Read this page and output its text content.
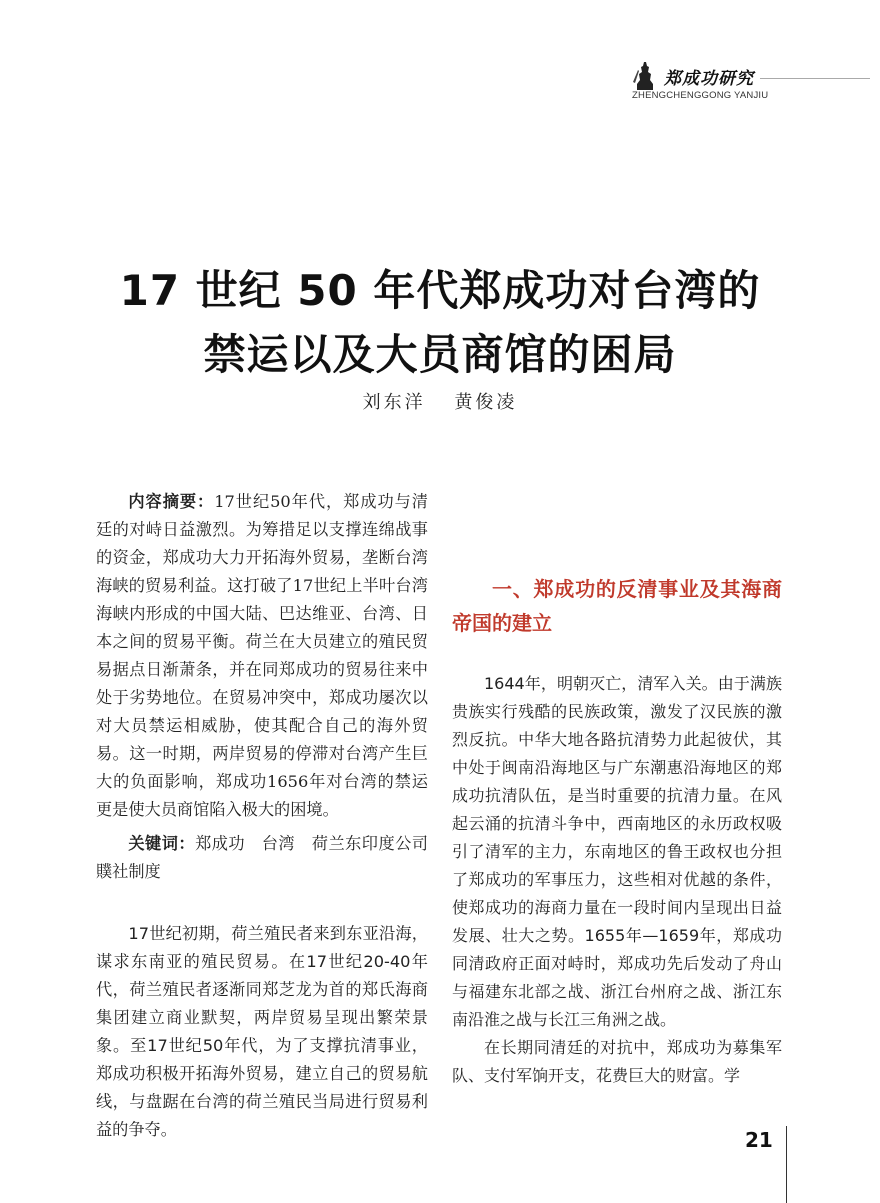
郑成功研究
ZHENGCHENGGONG YANJIU
17 世纪 50 年代郑成功对台湾的
禁运以及大员商馆的困局
刘东洋 黄俊凌

内容摘要：17世纪50年代，郑成功与清廷的对峙日益激烈。为筹措足以支撑连绵战事的资金，郑成功大力开拓海外贸易，垄断台湾海峡的贸易利益。这打破了17世纪上半叶台湾海峡内形成的中国大陆、巴达维亚、台湾、日本之间的贸易平衡。荷兰在大员建立的殖民贸易据点日渐萧条，并在同郑成功的贸易往来中处于劣势地位。在贸易冲突中，郑成功屡次以对大员禁运相威胁，使其配合自己的海外贸易。这一时期，两岸贸易的停滞对台湾产生巨大的负面影响，郑成功1656年对台湾的禁运更是使大员商馆陷入极大的困境。

关键词：郑成功　台湾　荷兰东印度公司　贌社制度

17世纪初期，荷兰殖民者来到东亚沿海，谋求东南亚的殖民贸易。在17世纪20-40年代，荷兰殖民者逐渐同郑芝龙为首的郑氏海商集团建立商业默契，两岸贸易呈现出繁荣景象。至17世纪50年代，为了支撑抗清事业，郑成功积极开拓海外贸易，建立自己的贸易航线，与盘踞在台湾的荷兰殖民当局进行贸易利益的争夺。

一、郑成功的反清事业及其海商帝国的建立

1644年，明朝灭亡，清军入关。由于满族贵族实行残酷的民族政策，激发了汉民族的激烈反抗。中华大地各路抗清势力此起彼伏，其中处于闽南沿海地区与广东潮惠沿海地区的郑成功抗清队伍，是当时重要的抗清力量。在风起云涌的抗清斗争中，西南地区的永历政权吸引了清军的主力，东南地区的鲁王政权也分担了郑成功的军事压力，这些相对优越的条件，使郑成功的海商力量在一段时间内呈现出日益发展、壮大之势。1655年—1659年，郑成功同清政府正面对峙时，郑成功先后发动了舟山与福建东北部之战、浙江台州府之战、浙江东南沿淮之战与长江三角洲之战。

在长期同清廷的对抗中，郑成功为募集军队、支付军饷开支，花费巨大的财富。学

21
